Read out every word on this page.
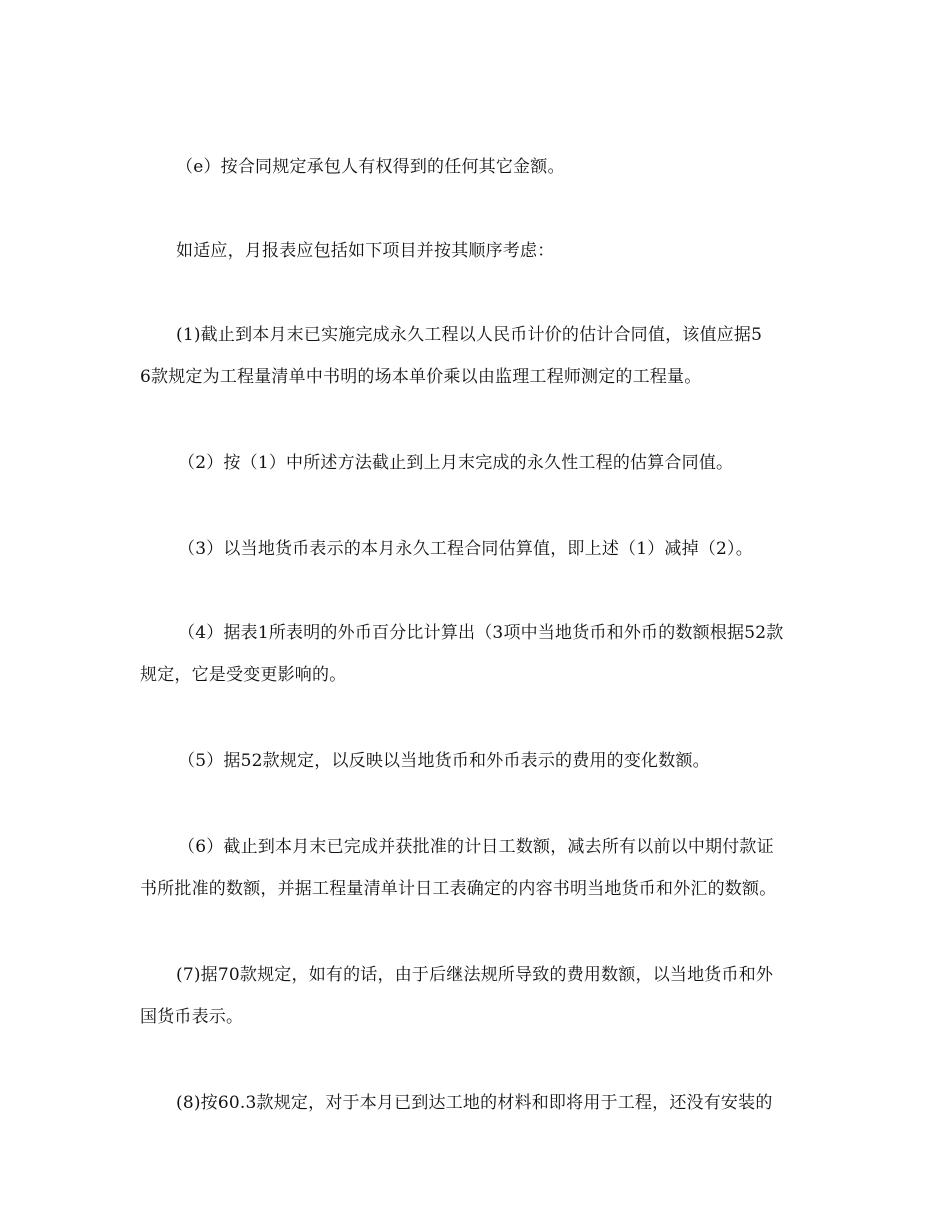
（e）按合同规定承包人有权得到的任何其它金额。
如适应，月报表应包括如下项目并按其顺序考虑：
(1)截止到本月末已实施完成永久工程以人民币计价的估计合同值，该值应据5
6款规定为工程量清单中书明的场本单价乘以由监理工程师测定的工程量。
（2）按（1）中所述方法截止到上月末完成的永久性工程的估算合同值。
（3）以当地货币表示的本月永久工程合同估算值，即上述（1）减掉（2）。
（4）据表1所表明的外币百分比计算出（3项中当地货币和外币的数额根据52款
规定，它是受变更影响的。
（5）据52款规定，以反映以当地货币和外币表示的费用的变化数额。
（6）截止到本月末已完成并获批准的计日工数额，减去所有以前以中期付款证
书所批准的数额，并据工程量清单计日工表确定的内容书明当地货币和外汇的数额。
(7)据70款规定，如有的话，由于后继法规所导致的费用数额，以当地货币和外
国货币表示。
(8)按60.3款规定，对于本月已到达工地的材料和即将用于工程，还没有安装的
